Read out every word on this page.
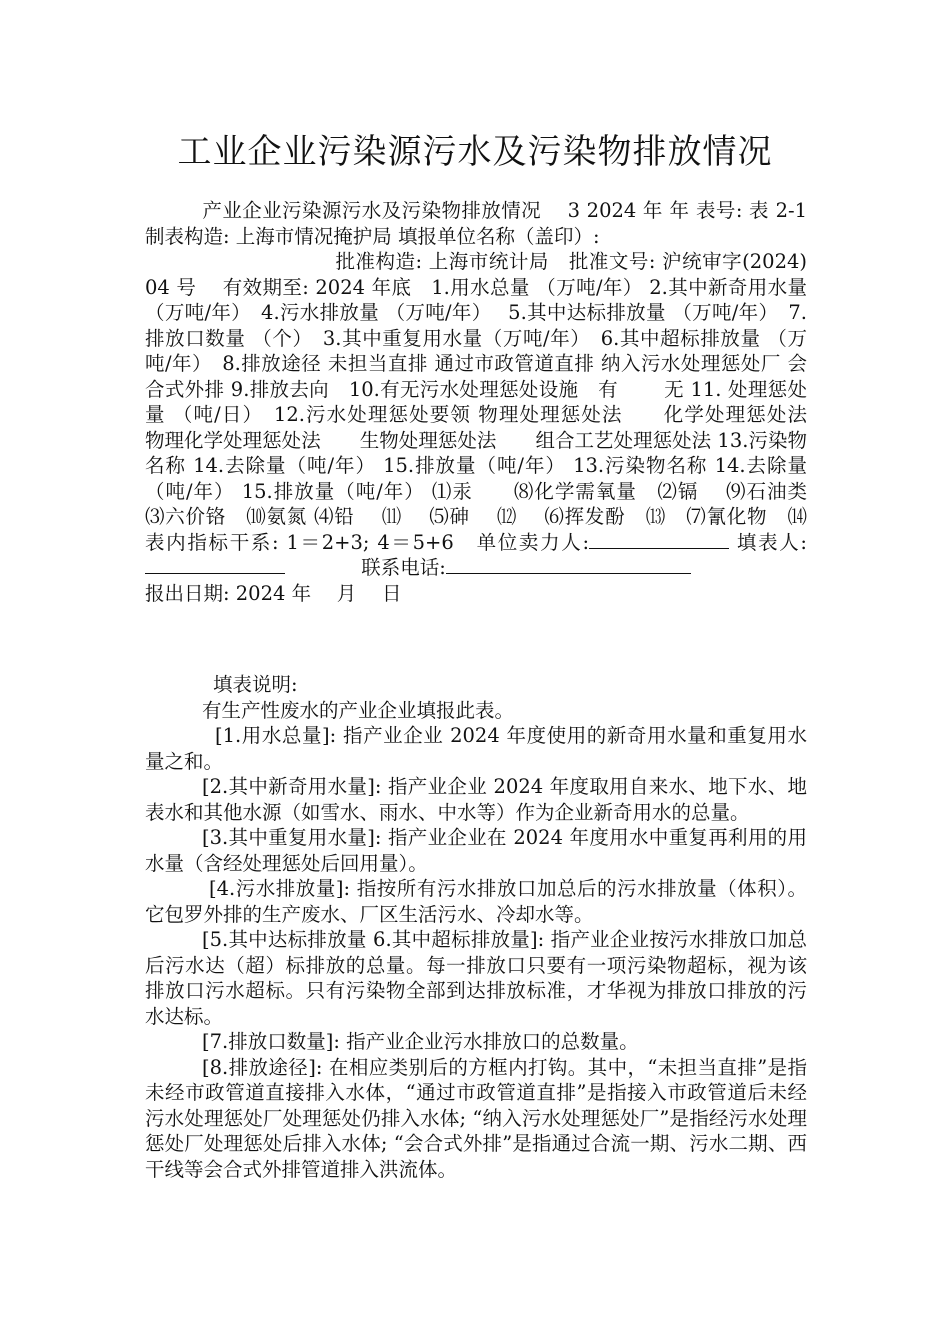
工业企业污染源污水及污染物排放情况
产业企业污染源污水及污染物排放情况　 3 2024 年 年 表号: 表 2-1　 制表构造: 上海市情况掩护局 填报单位名称（盖印）:
批准构造: 上海市统计局　批准文号: 沪统审字(2024)04 号　 有效期至: 2024 年底　1.用水总量 （万吨/年） 2.其中新奇用水量（万吨/年）　4.污水排放量 （万吨/年）　 5.其中达标排放量 （万吨/年）　7.排放口数量 （个）　3.其中重复用水量（万吨/年）　6.其中超标排放量 （万吨/年）　8.排放途径 未担当直排 通过市政管道直排 纳入污水处理惩处厂 会合式外排 9.排放去向　10.有无污水处理惩处设施　有　　 无 11. 处理惩处量 （吨/日）　12.污水处理惩处要领 物理处理惩处法　　化学处理惩处法　　物理化学处理惩处法　　生物处理惩处法　　组合工艺处理惩处法 13.污染物名称 14.去除量（吨/年） 15.排放量（吨/年） 13.污染物名称 14.去除量（吨/年） 15.排放量（吨/年） ⑴汞　　⑻化学需氧量　⑵镉　 ⑼石油类　⑶六价铬　⑽氨氮 ⑷铅　 ⑾　 ⑸砷　 ⑿　 ⑹挥发酚　⒀　⑺氰化物　⒁　　表内指标干系: 1＝2+3; 4＝5+6　单位卖力人:	填表人: 联系电话:
报出日期: 2024 年　 月　 日

填表说明:

有生产性废水的产业企业填报此表。

[1.用水总量]: 指产业企业 2024 年度使用的新奇用水量和重复用水量之和。

[2.其中新奇用水量]: 指产业企业 2024 年度取用自来水、地下水、地表水和其他水源（如雪水、雨水、中水等）作为企业新奇用水的总量。

[3.其中重复用水量]: 指产业企业在 2024 年度用水中重复再利用的用水量（含经处理惩处后回用量）。

[4.污水排放量]: 指按所有污水排放口加总后的污水排放量（体积）。它包罗外排的生产废水、厂区生活污水、冷却水等。

[5.其中达标排放量 6.其中超标排放量]: 指产业企业按污水排放口加总后污水达（超）标排放的总量。每一排放口只要有一项污染物超标，视为该排放口污水超标。只有污染物全部到达排放标准，才华视为排放口排放的污水达标。

[7.排放口数量]: 指产业企业污水排放口的总数量。

[8.排放途径]: 在相应类别后的方框内打钩。其中，“未担当直排”是指未经市政管道直接排入水体，“通过市政管道直排”是指接入市政管道后未经污水处理惩处厂处理惩处仍排入水体; “纳入污水处理惩处厂”是指经污水处理惩处厂处理惩处后排入水体; “会合式外排”是指通过合流一期、污水二期、西干线等会合式外排管道排入洪流体。
